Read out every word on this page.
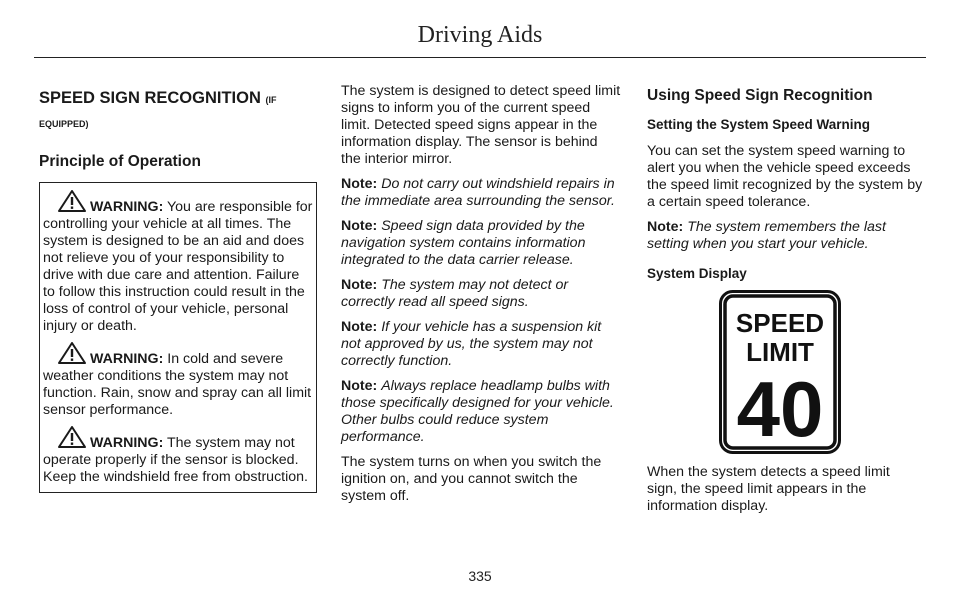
Driving Aids
SPEED SIGN RECOGNITION (IF
EQUIPPED)
Principle of Operation
WARNING: You are responsible for controlling your vehicle at all times. The system is designed to be an aid and does not relieve you of your responsibility to drive with due care and attention. Failure to follow this instruction could result in the loss of control of your vehicle, personal injury or death.
WARNING: In cold and severe weather conditions the system may not function. Rain, snow and spray can all limit sensor performance.
WARNING: The system may not operate properly if the sensor is blocked. Keep the windshield free from obstruction.

The system is designed to detect speed limit signs to inform you of the current speed limit. Detected speed signs appear in the information display. The sensor is behind the interior mirror.

Note: Do not carry out windshield repairs in the immediate area surrounding the sensor.

Note: Speed sign data provided by the navigation system contains information integrated to the data carrier release.

Note: The system may not detect or correctly read all speed signs.

Note: If your vehicle has a suspension kit not approved by us, the system may not correctly function.

Note: Always replace headlamp bulbs with those specifically designed for your vehicle. Other bulbs could reduce system performance.

The system turns on when you switch the ignition on, and you cannot switch the system off.

Using Speed Sign Recognition
Setting the System Speed Warning

You can set the system speed warning to alert you when the vehicle speed exceeds the speed limit recognized by the system by a certain speed tolerance.

Note: The system remembers the last setting when you start your vehicle.

System Display
SPEED
LIMIT
40

When the system detects a speed limit sign, the speed limit appears in the information display.

335
